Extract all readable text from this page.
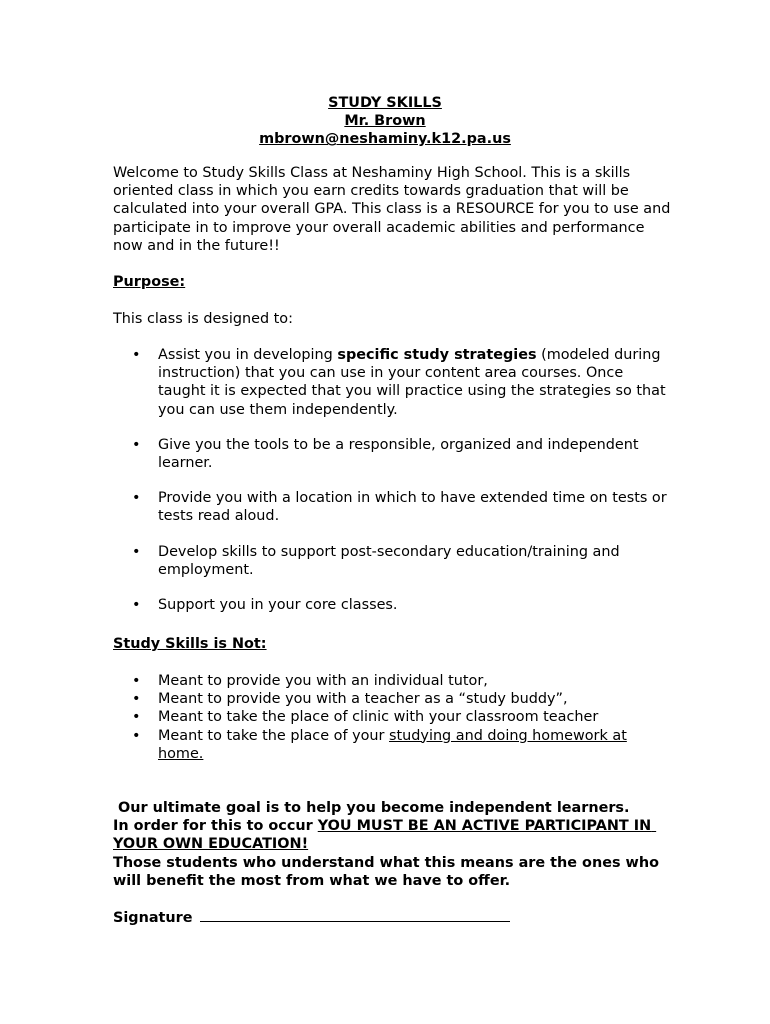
STUDY SKILLS
Mr. Brown
mbrown@neshaminy.k12.pa.us
Welcome to Study Skills Class at Neshaminy High School. This is a skills oriented class in which you earn credits towards graduation that will be calculated into your overall GPA. This class is a RESOURCE for you to use and participate in to improve your overall academic abilities and performance now and in the future!!
Purpose:
This class is designed to:
• Assist you in developing specific study strategies (modeled during instruction) that you can use in your content area courses. Once taught it is expected that you will practice using the strategies so that you can use them independently.
• Give you the tools to be a responsible, organized and independent learner.
• Provide you with a location in which to have extended time on tests or tests read aloud.
• Develop skills to support post-secondary education/training and employment.
• Support you in your core classes.
Study Skills is Not:
• Meant to provide you with an individual tutor,
• Meant to provide you with a teacher as a “study buddy”,
• Meant to take the place of clinic with your classroom teacher
• Meant to take the place of your studying and doing homework at home.
Our ultimate goal is to help you become independent learners.
In order for this to occur YOU MUST BE AN ACTIVE PARTICIPANT IN YOUR OWN EDUCATION!
Those students who understand what this means are the ones who will benefit the most from what we have to offer.
Signature
